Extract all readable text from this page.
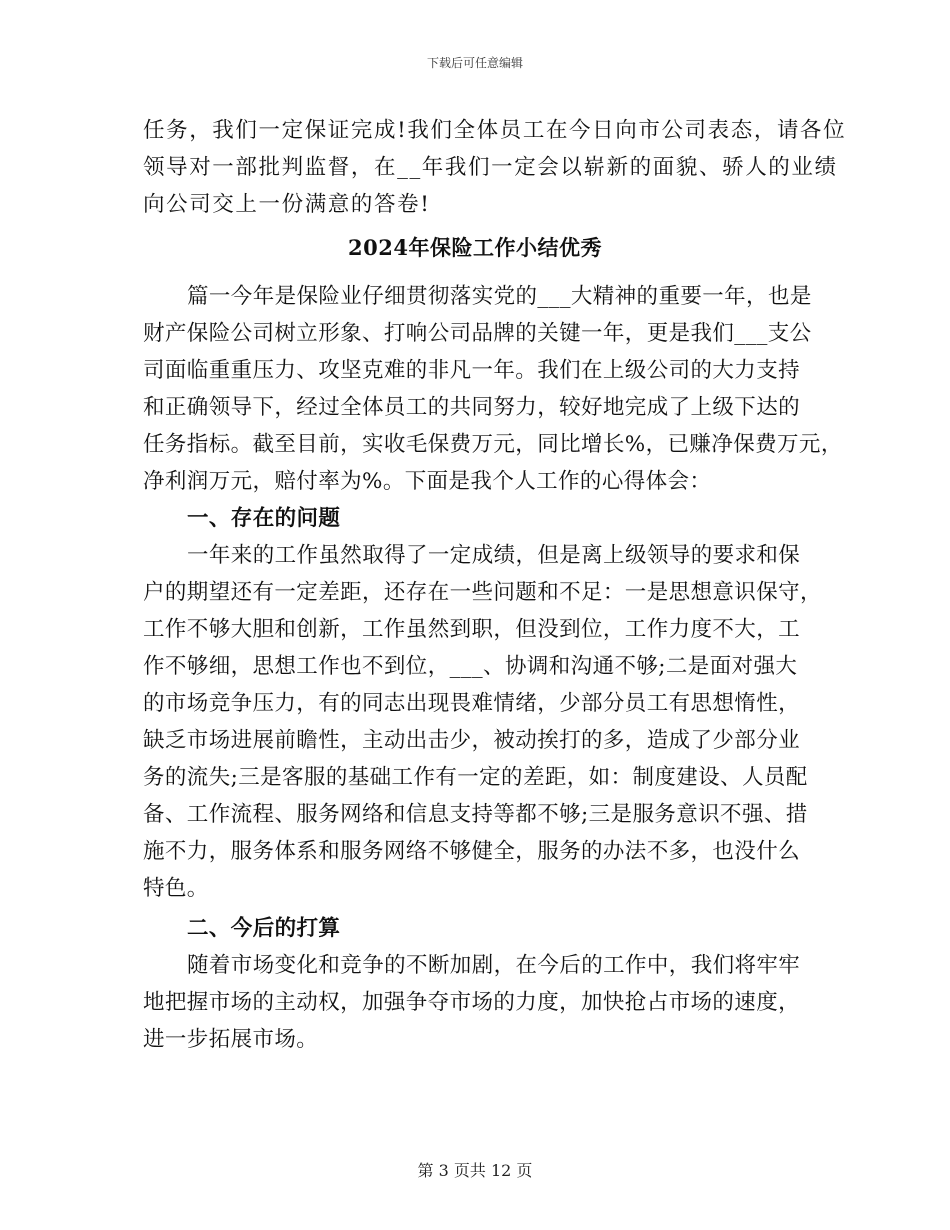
下载后可任意编辑
任务，我们一定保证完成!我们全体员工在今日向市公司表态，请各位
领导对一部批判监督，在__年我们一定会以崭新的面貌、骄人的业绩
向公司交上一份满意的答卷!
2024年保险工作小结优秀
篇一今年是保险业仔细贯彻落实党的___大精神的重要一年，也是
财产保险公司树立形象、打响公司品牌的关键一年，更是我们___支公
司面临重重压力、攻坚克难的非凡一年。我们在上级公司的大力支持
和正确领导下，经过全体员工的共同努力，较好地完成了上级下达的
任务指标。截至目前，实收毛保费万元，同比增长%，已赚净保费万元，
净利润万元，赔付率为%。下面是我个人工作的心得体会：
一、存在的问题
一年来的工作虽然取得了一定成绩，但是离上级领导的要求和保
户的期望还有一定差距，还存在一些问题和不足：一是思想意识保守，
工作不够大胆和创新，工作虽然到职，但没到位，工作力度不大，工
作不够细，思想工作也不到位，___、协调和沟通不够;二是面对强大
的市场竞争压力，有的同志出现畏难情绪，少部分员工有思想惰性，
缺乏市场进展前瞻性，主动出击少，被动挨打的多，造成了少部分业
务的流失;三是客服的基础工作有一定的差距，如：制度建设、人员配
备、工作流程、服务网络和信息支持等都不够;三是服务意识不强、措
施不力，服务体系和服务网络不够健全，服务的办法不多，也没什么
特色。
二、今后的打算
随着市场变化和竞争的不断加剧，在今后的工作中，我们将牢牢
地把握市场的主动权，加强争夺市场的力度，加快抢占市场的速度，
进一步拓展市场。
第 3 页共 12 页
